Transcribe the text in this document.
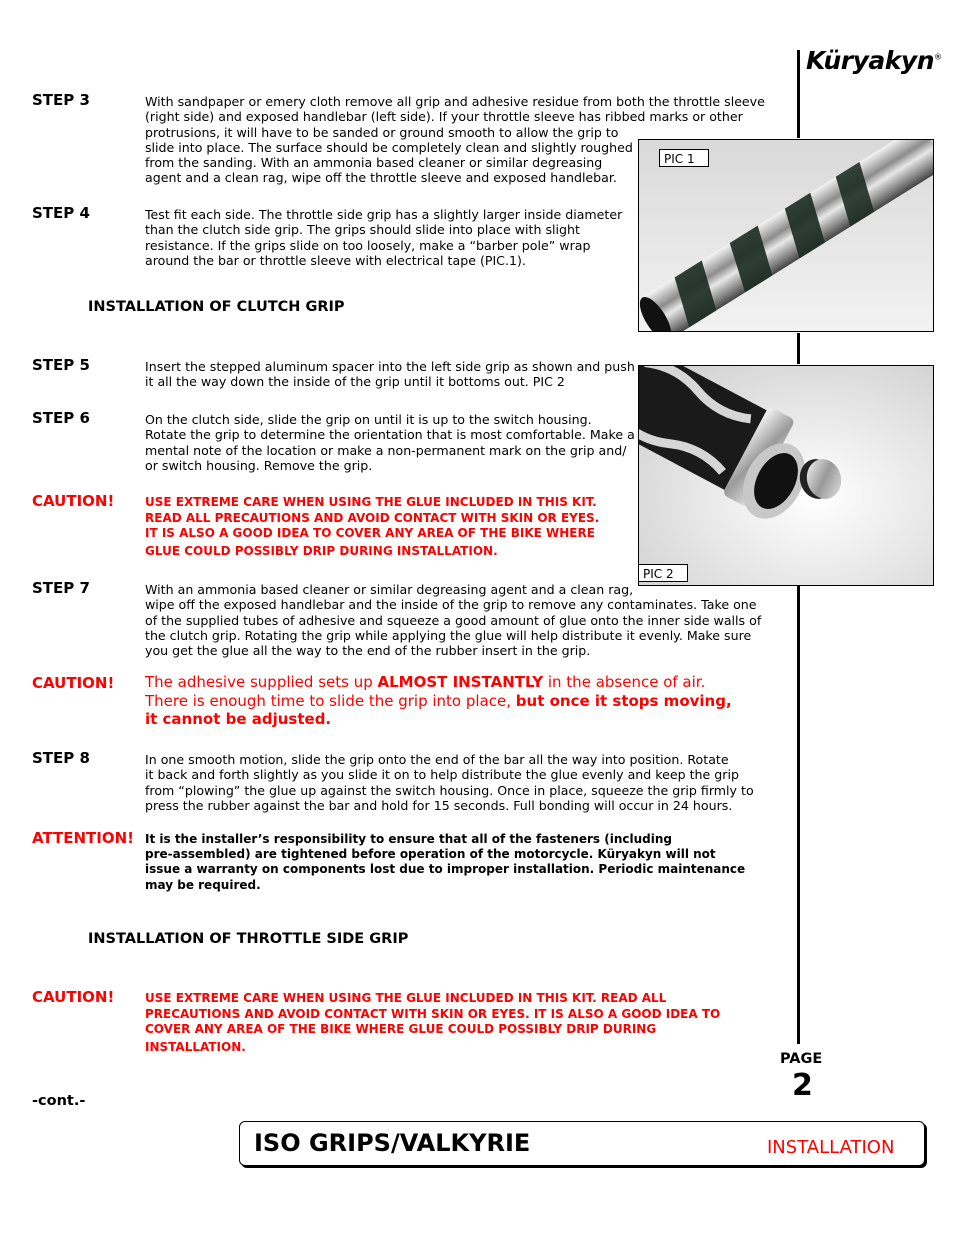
Küryakyn®
STEP 3	With sandpaper or emery cloth remove all grip and adhesive residue from both the throttle sleeve
(right side) and exposed handlebar (left side). If your throttle sleeve has ribbed marks or other
protrusions, it will have to be sanded or ground smooth to allow the grip to
slide into place. The surface should be completely clean and slightly roughed
from the sanding. With an ammonia based cleaner or similar degreasing
agent and a clean rag, wipe off the throttle sleeve and exposed handlebar.
STEP 4	Test fit each side. The throttle side grip has a slightly larger inside diameter
than the clutch side grip. The grips should slide into place with slight
resistance. If the grips slide on too loosely, make a “barber pole” wrap
around the bar or throttle sleeve with electrical tape (PIC.1).
PIC 1
INSTALLATION OF CLUTCH GRIP
STEP 5	Insert the stepped aluminum spacer into the left side grip as shown and push
it all the way down the inside of the grip until it bottoms out. PIC 2
PIC 2
STEP 6	On the clutch side, slide the grip on until it is up to the switch housing.
Rotate the grip to determine the orientation that is most comfortable. Make a
mental note of the location or make a non-permanent mark on the grip and/
or switch housing. Remove the grip.
CAUTION!	USE EXTREME CARE WHEN USING THE GLUE INCLUDED IN THIS KIT.
READ ALL PRECAUTIONS AND AVOID CONTACT WITH SKIN OR EYES.
IT IS ALSO A GOOD IDEA TO COVER ANY AREA OF THE BIKE WHERE
GLUE COULD POSSIBLY DRIP DURING INSTALLATION.
STEP 7	With an ammonia based cleaner or similar degreasing agent and a clean rag,
wipe off the exposed handlebar and the inside of the grip to remove any contaminates. Take one
of the supplied tubes of adhesive and squeeze a good amount of glue onto the inner side walls of
the clutch grip. Rotating the grip while applying the glue will help distribute it evenly. Make sure
you get the glue all the way to the end of the rubber insert in the grip.
CAUTION! The adhesive supplied sets up ALMOST INSTANTLY in the absence of air.
There is enough time to slide the grip into place, but once it stops moving,
it cannot be adjusted.
STEP 8	In one smooth motion, slide the grip onto the end of the bar all the way into position. Rotate
it back and forth slightly as you slide it on to help distribute the glue evenly and keep the grip
from “plowing” the glue up against the switch housing. Once in place, squeeze the grip firmly to
press the rubber against the bar and hold for 15 seconds. Full bonding will occur in 24 hours.
ATTENTION! It is the installer’s responsibility to ensure that all of the fasteners (including
pre-assembled) are tightened before operation of the motorcycle. Küryakyn will not
issue a warranty on components lost due to improper installation. Periodic maintenance
may be required.
INSTALLATION OF THROTTLE SIDE GRIP
CAUTION!	USE EXTREME CARE WHEN USING THE GLUE INCLUDED IN THIS KIT. READ ALL
PRECAUTIONS AND AVOID CONTACT WITH SKIN OR EYES. IT IS ALSO A GOOD IDEA TO
COVER ANY AREA OF THE BIKE WHERE GLUE COULD POSSIBLY DRIP DURING
INSTALLATION.
PAGE
2
-cont.-
ISO GRIPS/VALKYRIE	INSTALLATION
